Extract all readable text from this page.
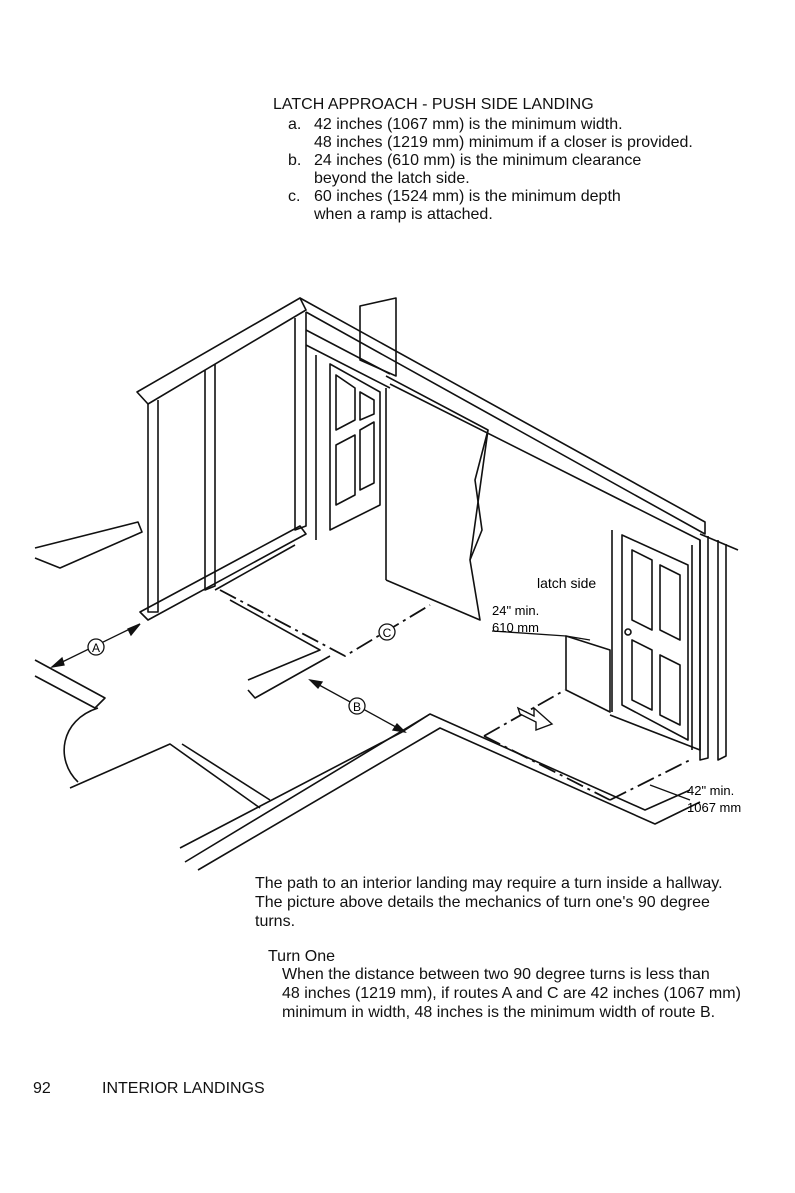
LATCH APPROACH - PUSH SIDE LANDING
a. 42 inches (1067 mm) is the minimum width.
48 inches (1219 mm) minimum if a closer is provided.
b. 24 inches (610 mm) is the minimum clearance
beyond the latch side.
c. 60 inches (1524 mm) is the minimum depth
when a ramp is attached.
A
C
B
latch side
24" min.
610 mm
42" min.
1067 mm
The path to an interior landing may require a turn inside a hallway.
The picture above details the mechanics of turn one's 90 degree
turns.
Turn One
When the distance between two 90 degree turns is less than
48 inches (1219 mm), if routes A and C are 42 inches (1067 mm)
minimum in width, 48 inches is the minimum width of route B.
92	INTERIOR LANDINGS
